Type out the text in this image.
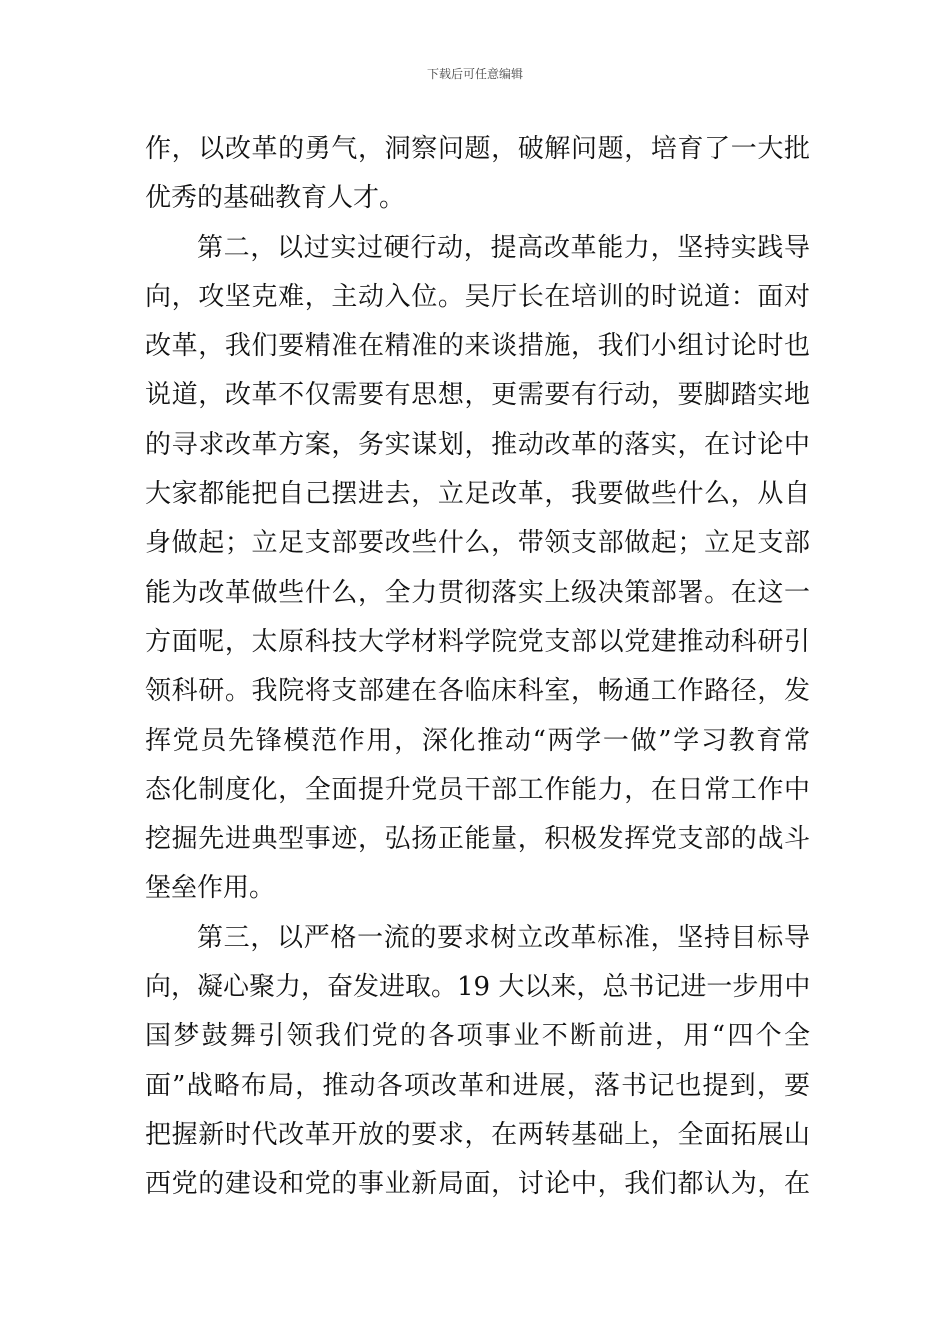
下载后可任意编辑
作，以改革的勇气，洞察问题，破解问题，培育了一大批
优秀的基础教育人才。
第二，以过实过硬行动，提高改革能力，坚持实践导
向，攻坚克难，主动入位。吴厅长在培训的时说道：面对
改革，我们要精准在精准的来谈措施，我们小组讨论时也
说道，改革不仅需要有思想，更需要有行动，要脚踏实地
的寻求改革方案，务实谋划，推动改革的落实，在讨论中
大家都能把自己摆进去，立足改革，我要做些什么，从自
身做起；立足支部要改些什么，带领支部做起；立足支部
能为改革做些什么，全力贯彻落实上级决策部署。在这一
方面呢，太原科技大学材料学院党支部以党建推动科研引
领科研。我院将支部建在各临床科室，畅通工作路径，发
挥党员先锋模范作用，深化推动“两学一做”学习教育常
态化制度化，全面提升党员干部工作能力，在日常工作中
挖掘先进典型事迹，弘扬正能量，积极发挥党支部的战斗
堡垒作用。
第三，以严格一流的要求树立改革标准，坚持目标导
向，凝心聚力，奋发进取。19 大以来，总书记进一步用中
国梦鼓舞引领我们党的各项事业不断前进，用“四个全
面”战略布局，推动各项改革和进展，落书记也提到，要
把握新时代改革开放的要求，在两转基础上，全面拓展山
西党的建设和党的事业新局面，讨论中，我们都认为，在
